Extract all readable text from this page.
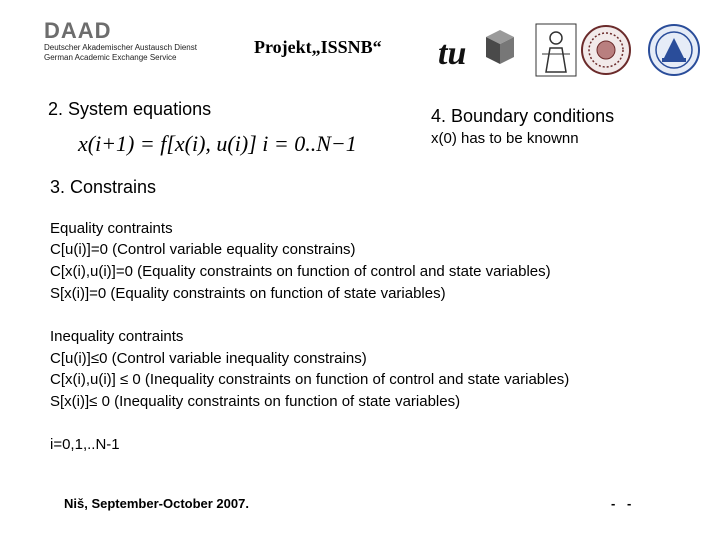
DAAD
Deutscher Akademischer Austausch Dienst
German Academic Exchange Service
Projekt„ISSNB“ tu
2. System equations
x(i+1) = f[x(i), u(i)] i = 0..N−1
4. Boundary conditions
x(0) has to be knownn
3. Constrains
Equality contraints
C[u(i)]=0 (Control variable equality constrains)
C[x(i),u(i)]=0 (Equality constraints on function of control and state variables)
S[x(i)]=0 (Equality constraints on function of state variables)
Inequality contraints
C[u(i)]≤0 (Control variable inequality constrains)
C[x(i),u(i)] ≤ 0 (Inequality constraints on function of control and state variables)
S[x(i)]≤ 0 (Inequality constraints on function of state variables)
i=0,1,..N-1
Niš, September-October 2007.	- -
